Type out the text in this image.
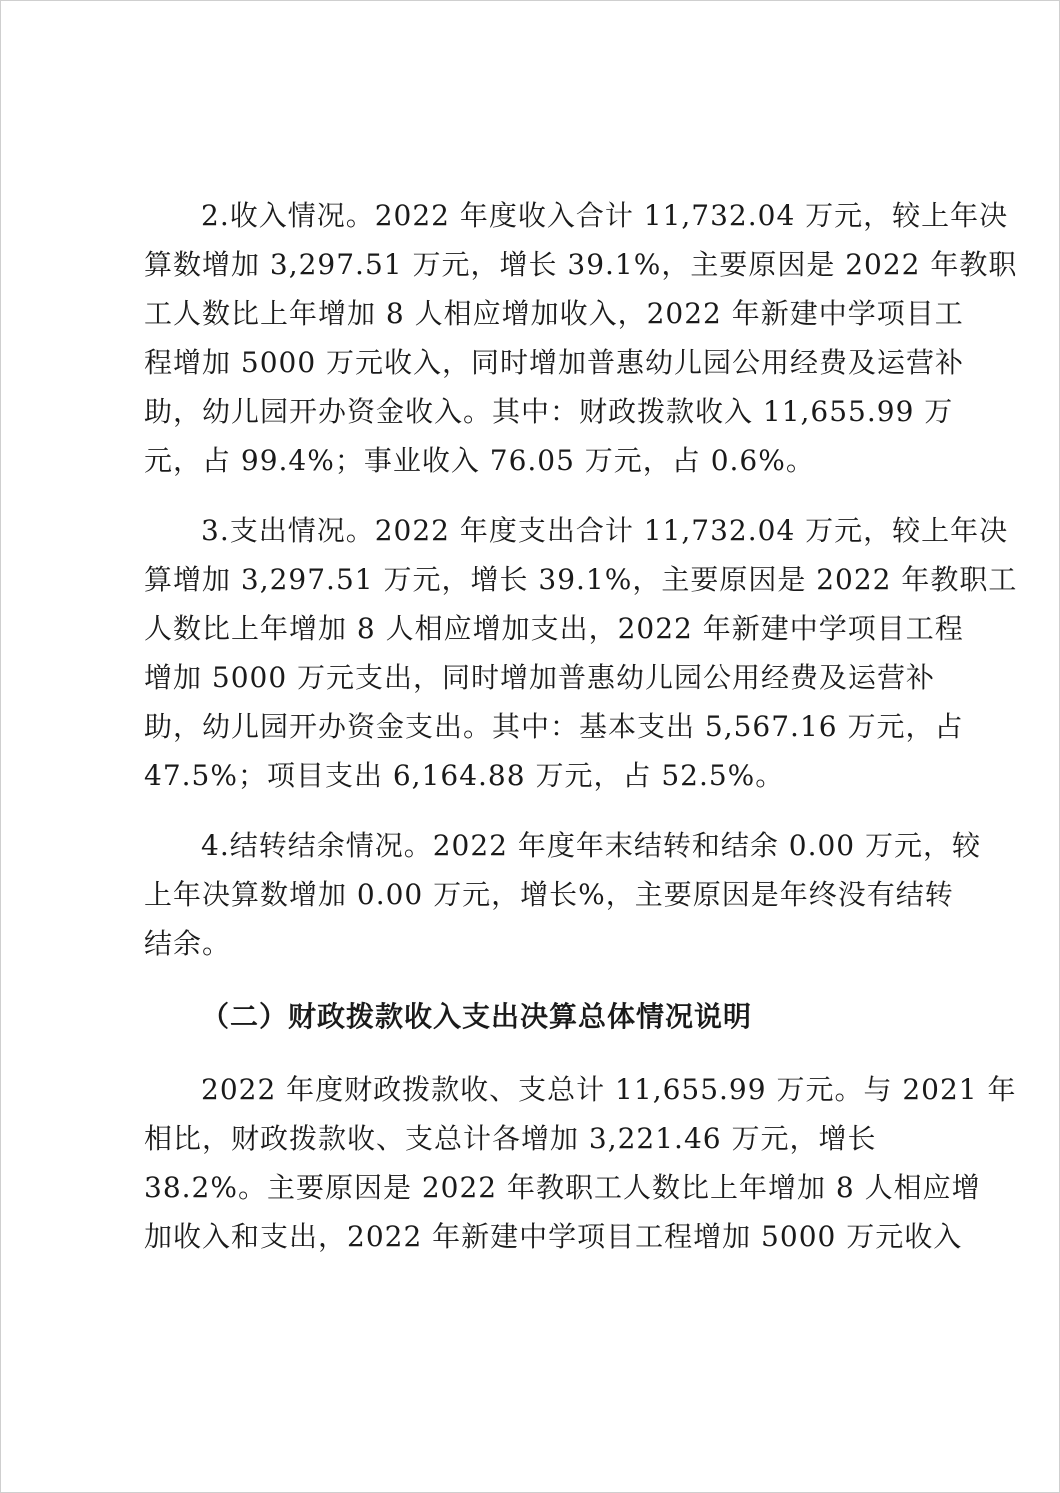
2.收入情况。2022 年度收入合计 11,732.04 万元，较上年决
算数增加 3,297.51 万元，增长 39.1%，主要原因是 2022 年教职
工人数比上年增加 8 人相应增加收入，2022 年新建中学项目工
程增加 5000 万元收入，同时增加普惠幼儿园公用经费及运营补
助，幼儿园开办资金收入。其中：财政拨款收入 11,655.99 万
元，占 99.4%；事业收入 76.05 万元，占 0.6%。

3.支出情况。2022 年度支出合计 11,732.04 万元，较上年决
算增加 3,297.51 万元，增长 39.1%，主要原因是 2022 年教职工
人数比上年增加 8 人相应增加支出，2022 年新建中学项目工程
增加 5000 万元支出，同时增加普惠幼儿园公用经费及运营补
助，幼儿园开办资金支出。其中：基本支出 5,567.16 万元，占
47.5%；项目支出 6,164.88 万元，占 52.5%。

4.结转结余情况。2022 年度年末结转和结余 0.00 万元，较
上年决算数增加 0.00 万元，增长%，主要原因是年终没有结转
结余。

（二）财政拨款收入支出决算总体情况说明

2022 年度财政拨款收、支总计 11,655.99 万元。与 2021 年
相比，财政拨款收、支总计各增加 3,221.46 万元，增长
38.2%。主要原因是 2022 年教职工人数比上年增加 8 人相应增
加收入和支出，2022 年新建中学项目工程增加 5000 万元收入
